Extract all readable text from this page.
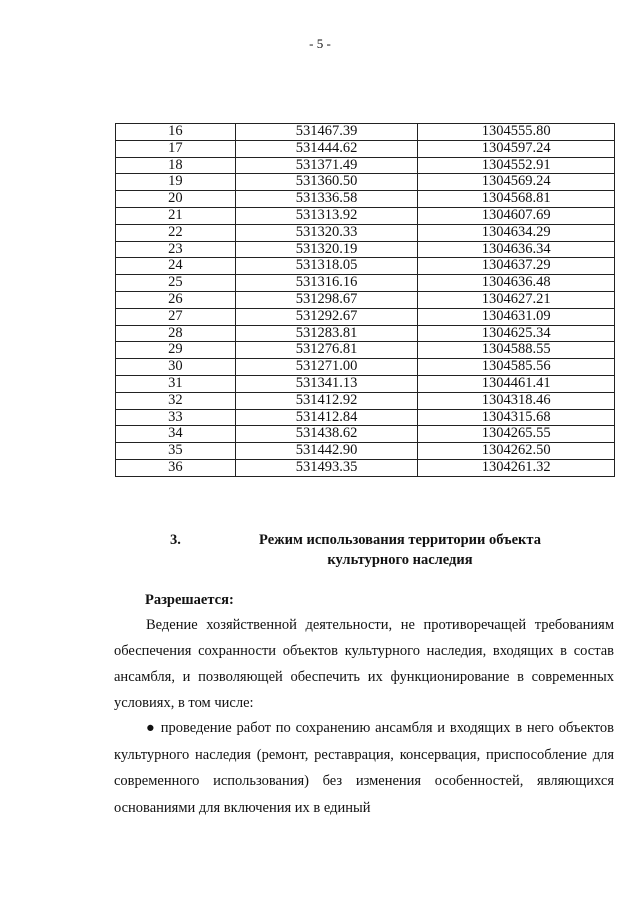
- 5 -
16	531467.39	1304555.80
17	531444.62	1304597.24
18	531371.49	1304552.91
19	531360.50	1304569.24
20	531336.58	1304568.81
21	531313.92	1304607.69
22	531320.33	1304634.29
23	531320.19	1304636.34
24	531318.05	1304637.29
25	531316.16	1304636.48
26	531298.67	1304627.21
27	531292.67	1304631.09
28	531283.81	1304625.34
29	531276.81	1304588.55
30	531271.00	1304585.56
31	531341.13	1304461.41
32	531412.92	1304318.46
33	531412.84	1304315.68
34	531438.62	1304265.55
35	531442.90	1304262.50
36	531493.35	1304261.32
3.	Режим использования территории объекта культурного наследия
Разрешается:
Ведение хозяйственной деятельности, не противоречащей требованиям обеспечения сохранности объектов культурного наследия, входящих в состав ансамбля, и позволяющей обеспечить их функционирование в современных условиях, в том числе:
● проведение работ по сохранению ансамбля и входящих в него объектов культурного наследия (ремонт, реставрация, консервация, приспособление для современного использования) без изменения особенностей, являющихся основаниями для включения их в единый
